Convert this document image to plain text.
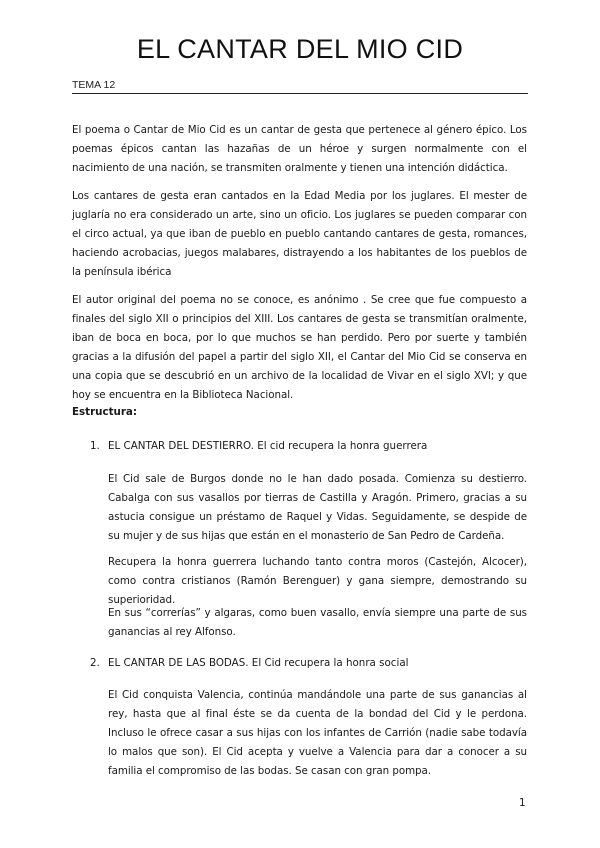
EL CANTAR DEL MIO CID
TEMA 12

El poema o Cantar de Mio Cid es un cantar de gesta que pertenece al género épico. Los poemas épicos cantan las hazañas de un héroe y surgen normalmente con el nacimiento de una nación, se transmiten oralmente y tienen una intención didáctica.

Los cantares de gesta eran cantados en la Edad Media por los juglares. El mester de juglaría no era considerado un arte, sino un oficio. Los juglares se pueden comparar con el circo actual, ya que iban de pueblo en pueblo cantando cantares de gesta, romances, haciendo acrobacias, juegos malabares, distrayendo a los habitantes de los pueblos de la península ibérica

El autor original del poema no se conoce, es anónimo . Se cree que fue compuesto a finales del siglo XII o principios del XIII. Los cantares de gesta se transmitían oralmente, iban de boca en boca, por lo que muchos se han perdido. Pero por suerte y también gracias a la difusión del papel a partir del siglo XII, el Cantar del Mio Cid se conserva en una copia que se descubrió en un archivo de la localidad de Vivar en el siglo XVI; y que hoy se encuentra en la Biblioteca Nacional.

Estructura:

1. EL CANTAR DEL DESTIERRO. El cid recupera la honra guerrera

El Cid sale de Burgos donde no le han dado posada. Comienza su destierro. Cabalga con sus vasallos por tierras de Castilla y Aragón. Primero, gracias a su astucia consigue un préstamo de Raquel y Vidas. Seguidamente, se despide de su mujer y de sus hijas que están en el monasterio de San Pedro de Cardeña.

Recupera la honra guerrera luchando tanto contra moros (Castejón, Alcocer), como contra cristianos (Ramón Berenguer) y gana siempre, demostrando su superioridad.

En sus “correrías” y algaras, como buen vasallo, envía siempre una parte de sus ganancias al rey Alfonso.

2. EL CANTAR DE LAS BODAS. El Cid recupera la honra social

El Cid conquista Valencia, continúa mandándole una parte de sus ganancias al rey, hasta que al final éste se da cuenta de la bondad del Cid y le perdona. Incluso le ofrece casar a sus hijas con los infantes de Carrión (nadie sabe todavía lo malos que son). El Cid acepta y vuelve a Valencia para dar a conocer a su familia el compromiso de las bodas. Se casan con gran pompa.

1
